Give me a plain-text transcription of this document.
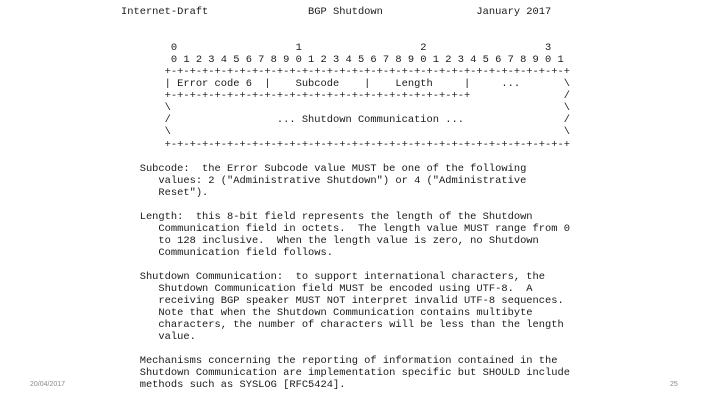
Internet-Draft                BGP Shutdown               January 2017
0                   1                   2                   3
0 1 2 3 4 5 6 7 8 9 0 1 2 3 4 5 6 7 8 9 0 1 2 3 4 5 6 7 8 9 0 1
+-+-+-+-+-+-+-+-+-+-+-+-+-+-+-+-+-+-+-+-+-+-+-+-+-+-+-+-+-+-+-+-+
| Error code 6  |    Subcode    |    Length     |     ...       \
+-+-+-+-+-+-+-+-+-+-+-+-+-+-+-+-+-+-+-+-+-+-+-+-+               /
\                                                               \
/                 ... Shutdown Communication ...                /
\                                                               \
+-+-+-+-+-+-+-+-+-+-+-+-+-+-+-+-+-+-+-+-+-+-+-+-+-+-+-+-+-+-+-+-+
Subcode:  the Error Subcode value MUST be one of the following
values: 2 ("Administrative Shutdown") or 4 ("Administrative
Reset").
Length:  this 8-bit field represents the length of the Shutdown
Communication field in octets.  The length value MUST range from 0
to 128 inclusive.  When the length value is zero, no Shutdown
Communication field follows.
Shutdown Communication:  to support international characters, the
Shutdown Communication field MUST be encoded using UTF-8.  A
receiving BGP speaker MUST NOT interpret invalid UTF-8 sequences.
Note that when the Shutdown Communication contains multibyte
characters, the number of characters will be less than the length
value.
Mechanisms concerning the reporting of information contained in the
Shutdown Communication are implementation specific but SHOULD include
methods such as SYSLOG [RFC5424].
20/04/2017	25
